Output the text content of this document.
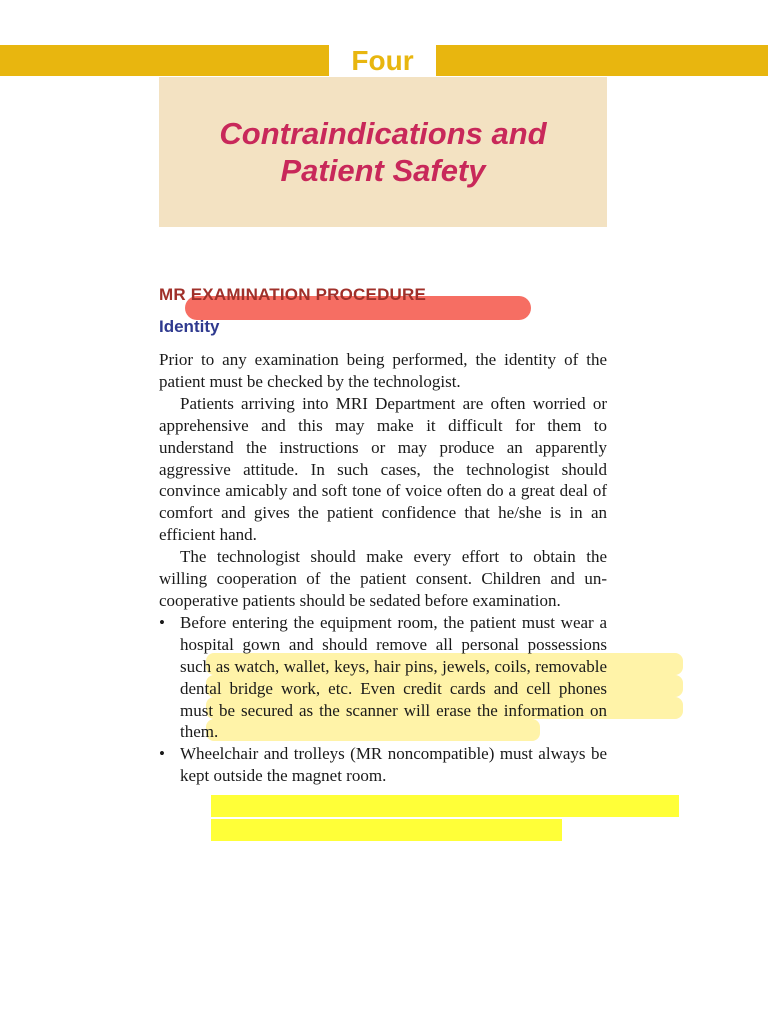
Four
Contraindications and
Patient Safety
MR EXAMINATION PROCEDURE
Identity

Prior to any examination being performed, the identity of the patient must be checked by the technologist.

Patients arriving into MRI Department are often worried or apprehensive and this may make it difficult for them to understand the instructions or may produce an apparently aggressive attitude. In such cases, the technologist should convince amicably and soft tone of voice often do a great deal of comfort and gives the patient confidence that he/she is in an efficient hand.

The technologist should make every effort to obtain the willing cooperation of the patient consent. Children and un-cooperative patients should be sedated before examination.

• Before entering the equipment room, the patient must wear a hospital gown and should remove all personal possessions such as watch, wallet, keys, hair pins, jewels, coils, removable dental bridge work, etc. Even credit cards and cell phones must be secured as the scanner will erase the information on them.
• Wheelchair and trolleys (MR noncompatible) must always be kept outside the magnet room.
